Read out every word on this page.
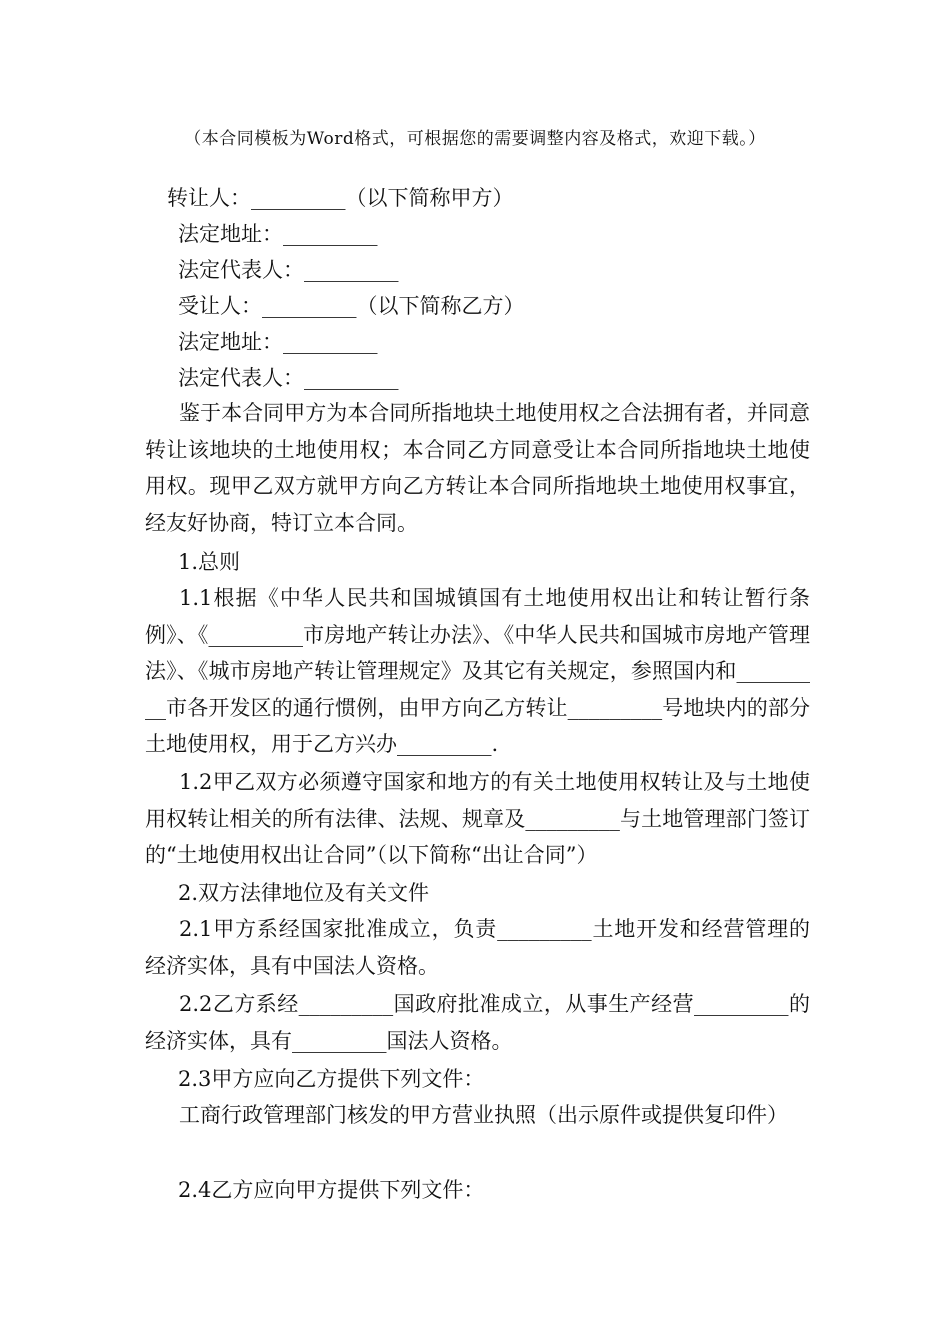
（本合同模板为Word格式，可根据您的需要调整内容及格式，欢迎下载。）
转让人：_________（以下简称甲方）
法定地址：_________
法定代表人：_________
受让人：_________（以下简称乙方）
法定地址：_________
法定代表人：_________
鉴于本合同甲方为本合同所指地块土地使用权之合法拥有者，并同意转让该地块的土地使用权；本合同乙方同意受让本合同所指地块土地使用权。现甲乙双方就甲方向乙方转让本合同所指地块土地使用权事宜，经友好协商，特订立本合同。
1.总则
1.1根据《中华人民共和国城镇国有土地使用权出让和转让暂行条例》、《_________市房地产转让办法》、《中华人民共和国城市房地产管理法》、《城市房地产转让管理规定》及其它有关规定，参照国内和_________市各开发区的通行惯例，由甲方向乙方转让_________号地块内的部分土地使用权，用于乙方兴办_________.
1.2甲乙双方必须遵守国家和地方的有关土地使用权转让及与土地使用权转让相关的所有法律、法规、规章及_________与土地管理部门签订的“土地使用权出让合同”（以下简称“出让合同”）
2.双方法律地位及有关文件
2.1甲方系经国家批准成立，负责_________土地开发和经营管理的经济实体，具有中国法人资格。
2.2乙方系经_________国政府批准成立，从事生产经营_________的经济实体，具有_________国法人资格。
2.3甲方应向乙方提供下列文件：
工商行政管理部门核发的甲方营业执照（出示原件或提供复印件）
2.4乙方应向甲方提供下列文件：
